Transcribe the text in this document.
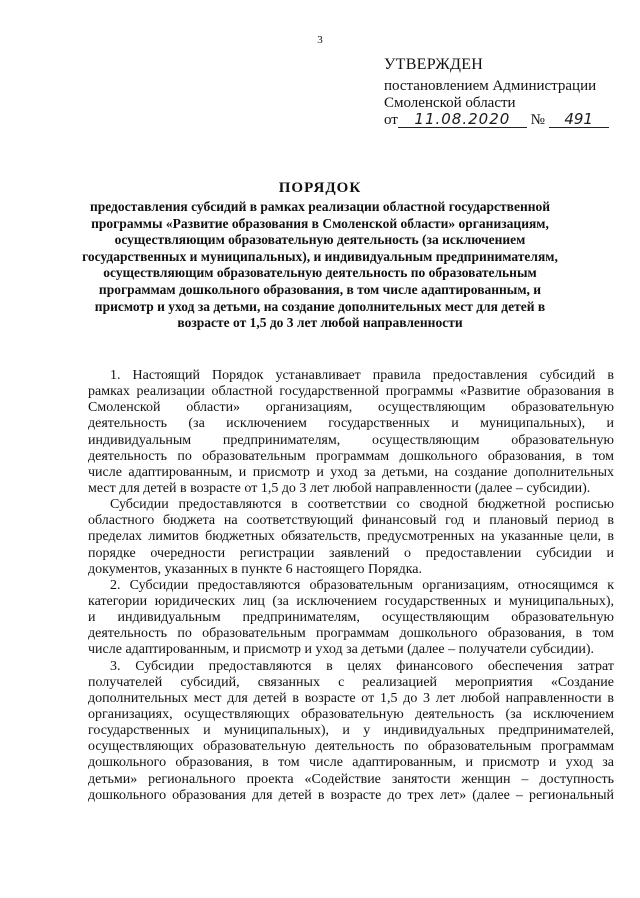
3
УТВЕРЖДЕН
постановлением Администрации
Смоленской области
от 11.08.2020 № 491
ПОРЯДОК
предоставления субсидий в рамках реализации областной государственной
программы «Развитие образования в Смоленской области» организациям,
осуществляющим образовательную деятельность (за исключением
государственных и муниципальных), и индивидуальным предпринимателям,
осуществляющим образовательную деятельность по образовательным
программам дошкольного образования, в том числе адаптированным, и
присмотр и уход за детьми, на создание дополнительных мест для детей в
возрасте от 1,5 до 3 лет любой направленности
1. Настоящий Порядок устанавливает правила предоставления субсидий в
рамках реализации областной государственной программы «Развитие образования в
Смоленской области» организациям, осуществляющим образовательную
деятельность (за исключением государственных и муниципальных), и
индивидуальным предпринимателям, осуществляющим образовательную
деятельность по образовательным программам дошкольного образования, в том
числе адаптированным, и присмотр и уход за детьми, на создание дополнительных
мест для детей в возрасте от 1,5 до 3 лет любой направленности (далее – субсидии).
Субсидии предоставляются в соответствии со сводной бюджетной росписью
областного бюджета на соответствующий финансовый год и плановый период в
пределах лимитов бюджетных обязательств, предусмотренных на указанные цели, в
порядке очередности регистрации заявлений о предоставлении субсидии и
документов, указанных в пункте 6 настоящего Порядка.
2. Субсидии предоставляются образовательным организациям, относящимся к
категории юридических лиц (за исключением государственных и муниципальных),
и индивидуальным предпринимателям, осуществляющим образовательную
деятельность по образовательным программам дошкольного образования, в том
числе адаптированным, и присмотр и уход за детьми (далее – получатели субсидии).
3. Субсидии предоставляются в целях финансового обеспечения затрат
получателей субсидий, связанных с реализацией мероприятия «Создание
дополнительных мест для детей в возрасте от 1,5 до 3 лет любой направленности в
организациях, осуществляющих образовательную деятельность (за исключением
государственных и муниципальных), и у индивидуальных предпринимателей,
осуществляющих образовательную деятельность по образовательным программам
дошкольного образования, в том числе адаптированным, и присмотр и уход за
детьми» регионального проекта «Содействие занятости женщин – доступность
дошкольного образования для детей в возрасте до трех лет» (далее – региональный
